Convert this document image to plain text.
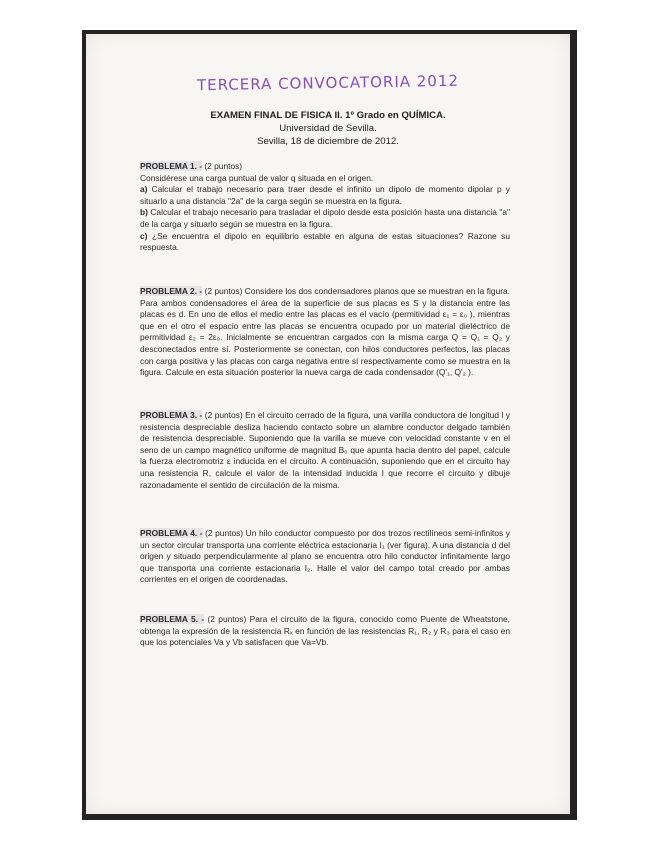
TERCERA CONVOCATORIA 2012
EXAMEN FINAL DE FISICA II. 1º Grado en QUÍMICA.
Universidad de Sevilla.
Sevilla, 18 de diciembre de 2012.

PROBLEMA 1. - (2 puntos)

Considérese una carga puntual de valor q situada en el origen.

a) Calcular el trabajo necesario para traer desde el infinito un dipolo de momento dipolar p y situarlo a una distancia "2a" de la carga según se muestra en la figura.

b) Calcular el trabajo necesario para trasladar el dipolo desde esta posición hasta una distancia "a" de la carga y situarlo según se muestra en la figura.

c) ¿Se encuentra el dipolo en equilibrio estable en alguna de estas situaciones? Razone su respuesta.

PROBLEMA 2. - (2 puntos) Considere los dos condensadores planos que se muestran en la figura. Para ambos condensadores el área de la superficie de sus placas es S y la distancia entre las placas es d. En uno de ellos el medio entre las placas es el vacío (permitividad ε₁ = ε₀ ), mientras que en el otro el espacio entre las placas se encuentra ocupado por un material dieléctrico de permitividad ε₂ = 2ε₀. Inicialmente se encuentran cargados con la misma carga Q = Q₁ = Q₂ y desconectados entre sí. Posteriormente se conectan, con hilos conductores perfectos, las placas con carga positiva y las placas con carga negativa entre sí respectivamente como se muestra en la figura. Calcule en esta situación posterior la nueva carga de cada condensador (Q'₁, Q'₂ ).

PROBLEMA 3. - (2 puntos) En el circuito cerrado de la figura, una varilla conductora de longitud l y resistencia despreciable desliza haciendo contacto sobre un alambre conductor delgado también de resistencia despreciable. Suponiendo que la varilla se mueve con velocidad constante v en el seno de un campo magnético uniforme de magnitud B₀ que apunta hacia dentro del papel, calcule la fuerza electromotriz ε inducida en el circuito. A continuación, suponiendo que en el circuito hay una resistencia R, calcule el valor de la intensidad inducida I que recorre el circuito y dibuje razonadamente el sentido de circulación de la misma.

PROBLEMA 4. - (2 puntos) Un hilo conductor compuesto por dos trozos rectilíneos semi-infinitos y un sector circular transporta una corriente eléctrica estacionaria I₁ (ver figura). A una distancia d del origen y situado perpendicularmente al plano se encuentra otro hilo conductor infinitamente largo que transporta una corriente estacionaria I₂. Halle el valor del campo total creado por ambas corrientes en el origen de coordenadas.

PROBLEMA 5. - (2 puntos) Para el circuito de la figura, conocido como Puente de Wheatstone, obtenga la expresión de la resistencia Rₓ en función de las resistencias R₁, R₂ y R₃ para el caso en que los potenciales Va y Vb satisfacen que Va=Vb.
